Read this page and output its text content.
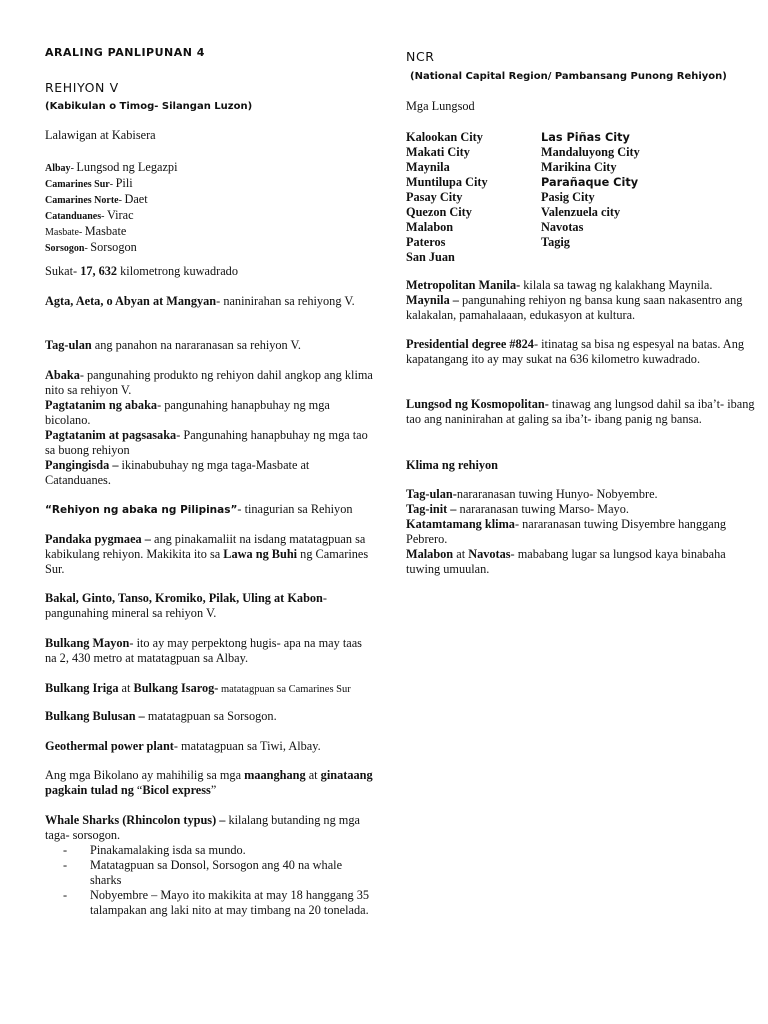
ARALING PANLIPUNAN 4
REHIYON V
(Kabikulan o Timog- Silangan Luzon)
Lalawigan at Kabisera
Albay- Lungsod ng Legazpi
Camarines Sur- Pili
Camarines Norte- Daet
Catanduanes- Virac
Masbate- Masbate
Sorsogon- Sorsogon

Sukat- 17, 632 kilometrong kuwadrado

Agta, Aeta, o Abyan at Mangyan- naninirahan sa rehiyong V.

Tag-ulan ang panahon na nararanasan sa rehiyon V.

Abaka- pangunahing produkto ng rehiyon dahil angkop ang klima nito sa rehiyon V.

Pagtatanim ng abaka- pangunahing hanapbuhay ng mga bicolano.

Pagtatanim at pagsasaka- Pangunahing hanapbuhay ng mga tao sa buong rehiyon

Pangingisda – ikinabubuhay ng mga taga-Masbate at Catanduanes.

“Rehiyon ng abaka ng Pilipinas”- tinagurian sa Rehiyon

Pandaka pygmaea – ang pinakamaliit na isdang matatagpuan sa kabikulang rehiyon. Makikita ito sa Lawa ng Buhi ng Camarines Sur.

Bakal, Ginto, Tanso, Kromiko, Pilak, Uling at Kabon- pangunahing mineral sa rehiyon V.

Bulkang Mayon- ito ay may perpektong hugis- apa na may taas na 2, 430 metro at matatagpuan sa Albay.

Bulkang Iriga at Bulkang Isarog- matatagpuan sa Camarines Sur

Bulkang Bulusan – matatagpuan sa Sorsogon.

Geothermal power plant- matatagpuan sa Tiwi, Albay.

Ang mga Bikolano ay mahihilig sa mga maanghang at ginataang pagkain tulad ng “Bicol express”

Whale Sharks (Rhincolon typus) – kilalang butanding ng mga taga- sorsogon.

- Pinakamalaking isda sa mundo.
- Matatagpuan sa Donsol, Sorsogon ang 40 na whale sharks
- Nobyembre – Mayo ito makikita at may 18 hanggang 35 talampakan ang laki nito at may timbang na 20 tonelada.
NCR
(National Capital Region/ Pambansang Punong Rehiyon)
Mga Lungsod
Kalookan City
Makati City
Maynila
Muntilupa City
Pasay City
Quezon City
Malabon
Pateros
San Juan
Las Piñas City
Mandaluyong City
Marikina City
Parañaque City
Pasig City
Valenzuela city
Navotas
Tagig

Metropolitan Manila- kilala sa tawag ng kalakhang Maynila.

Maynila – pangunahing rehiyon ng bansa kung saan nakasentro ang kalakalan, pamahalaaan, edukasyon at kultura.

Presidential degree #824- itinatag sa bisa ng espesyal na batas. Ang kapatangang ito ay may sukat na 636 kilometro kuwadrado.

Lungsod ng Kosmopolitan- tinawag ang lungsod dahil sa iba’t- ibang tao ang naninirahan at galing sa iba’t- ibang panig ng bansa.

Klima ng rehiyon

Tag-ulan-nararanasan tuwing Hunyo- Nobyembre.

Tag-init – nararanasan tuwing Marso- Mayo.

Katamtamang klima- nararanasan tuwing Disyembre hanggang Pebrero.

Malabon at Navotas- mababang lugar sa lungsod kaya binabaha tuwing umuulan.
